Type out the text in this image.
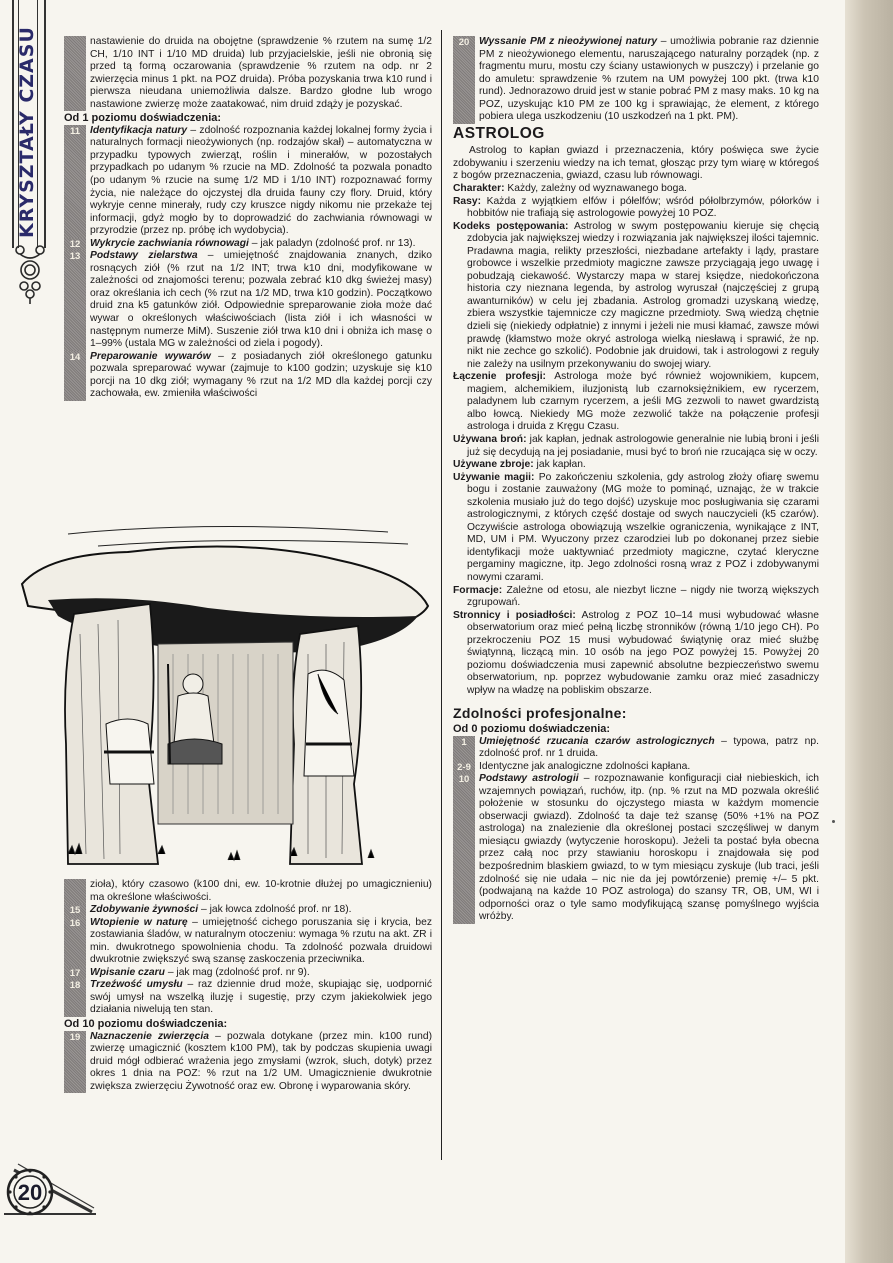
KRYSZTAŁY CZASU	nastawienie do druida na obojętne (sprawdzenie % rzutem na sumę 1/2 CH, 1/10 INT i 1/10 MD druida) lub przyjacielskie, jeśli nie obronią się przed tą formą oczarowania (sprawdzenie % rzutem na odp. nr 2 zwierzęcia minus 1 pkt. na POZ druida). Próba pozyskania trwa k10 rund i pierwsza nieudana uniemożliwia dalsze. Bardzo głodne lub wrogo nastawione zwierzę może zaatakować, nim druid zdąży je pozyskać.
Od 1 poziomu doświadczenia:
11 Identyfikacja natury – zdolność rozpoznania każdej lokalnej formy życia i naturalnych formacji nieożywionych (np. rodzajów skał) – automatyczna w przypadku typowych zwierząt, roślin i minerałów, w pozostałych przypadkach po udanym % rzucie na MD. Zdolność ta pozwala ponadto (po udanym % rzucie na sumę 1/2 MD i 1/10 INT) rozpoznawać formy życia, nie należące do ojczystej dla druida fauny czy flory. Druid, który wykryje cenne minerały, rudy czy kruszce nigdy nikomu nie przekaże tej informacji, gdyż mogło by to doprowadzić do zachwiania równowagi w przyrodzie (przez np. próbę ich wydobycia).
12 Wykrycie zachwiania równowagi – jak paladyn (zdolność prof. nr 13).
13 Podstawy zielarstwa – umiejętność znajdowania znanych, dziko rosnących ziół (% rzut na 1/2 INT; trwa k10 dni, modyfikowane w zależności od znajomości terenu; pozwala zebrać k10 dkg świeżej masy) oraz określania ich cech (% rzut na 1/2 MD, trwa k10 godzin). Początkowo druid zna k5 gatunków ziół. Odpowiednie spreparowanie zioła może dać wywar o określonych właściwościach (lista ziół i ich własności w następnym numerze MiM). Suszenie ziół trwa k10 dni i obniża ich masę o 1–99% (ustala MG w zależności od ziela i pogody).
14 Preparowanie wywarów – z posiadanych ziół określonego gatunku pozwala spreparować wywar (zajmuje to k100 godzin; uzyskuje się k10 porcji na 10 dkg ziół; wymagany % rzut na 1/2 MD dla każdej porcji czy zachowała, ew. zmieniła właściwości
zioła), który czasowo (k100 dni, ew. 10-krotnie dłużej po umagicznieniu) ma określone właściwości.
15 Zdobywanie żywności – jak łowca zdolność prof. nr 18).
16 Wtopienie w naturę – umiejętność cichego poruszania się i krycia, bez zostawiania śladów, w naturalnym otoczeniu: wymaga % rzutu na akt. ZR i min. dwukrotnego spowolnienia chodu. Ta zdolność pozwala druidowi dwukrotnie zwiększyć swą szansę zaskoczenia przeciwnika.
17 Wpisanie czaru – jak mag (zdolność prof. nr 9).
18 Trzeźwość umysłu – raz dziennie drud może, skupiając się, uodpornić swój umysł na wszelką iluzję i sugestię, przy czym jakiekolwiek jego działania niwelują ten stan.
Od 10 poziomu doświadczenia:
19 Naznaczenie zwierzęcia – pozwala dotykane (przez min. k100 rund) zwierzę umagicznić (kosztem k100 PM), tak by podczas skupienia uwagi druid mógł odbierać wrażenia jego zmysłami (wzrok, słuch, dotyk) przez okres 1 dnia na POZ: % rzut na 1/2 UM. Umagicznienie dwukrotnie zwiększa zwierzęciu Żywotność oraz ew. Obronę i wyparowania skóry.
20
20 Wyssanie PM z nieożywionej natury – umożliwia pobranie raz dziennie PM z nieożywionego elementu, naruszającego naturalny porządek (np. z fragmentu muru, mostu czy ściany ustawionych w puszczy) i przelanie go do amuletu: sprawdzenie % rzutem na UM powyżej 100 pkt. (trwa k10 rund). Jednorazowo druid jest w stanie pobrać PM z masy maks. 10 kg na POZ, uzyskując k10 PM ze 100 kg i sprawiając, że element, z którego pobiera ulega uszkodzeniu (10 uszkodzeń na 1 pkt. PM).
ASTROLOG
Astrolog to kapłan gwiazd i przeznaczenia, który poświęca swe życie zdobywaniu i szerzeniu wiedzy na ich temat, głosząc przy tym wiarę w któregoś z bogów przeznaczenia, gwiazd, czasu lub równowagi.
Charakter: Każdy, zależny od wyznawanego boga.
Rasy: Każda z wyjątkiem elfów i półelfów; wśród półolbrzymów, półorków i hobbitów nie trafiają się astrologowie powyżej 10 POZ.
Kodeks postępowania: Astrolog w swym postępowaniu kieruje się chęcią zdobycia jak największej wiedzy i rozwiązania jak największej ilości tajemnic. Pradawna magia, relikty przeszłości, niezbadane artefakty i lądy, prastare grobowce i wszelkie przedmioty magiczne zawsze przyciągają jego uwagę i pobudzają ciekawość. Wystarczy mapa w starej księdze, niedokończona historia czy nieznana legenda, by astrolog wyruszał (najczęściej z grupą awanturników) w celu jej zbadania. Astrolog gromadzi uzyskaną wiedzę, zbiera wszystkie tajemnicze czy magiczne przedmioty. Swą wiedzą chętnie dzieli się (niekiedy odpłatnie) z innymi i jeżeli nie musi kłamać, zawsze mówi prawdę (kłamstwo może okryć astrologa wielką niesławą i sprawić, że np. nikt nie zechce go szkolić). Podobnie jak druidowi, tak i astrologowi z reguły nie zależy na usilnym przekonywaniu do swojej wiary.
Łączenie profesji: Astrologa może być również wojownikiem, kupcem, magiem, alchemikiem, iluzjonistą lub czarnoksiężnikiem, ew rycerzem, paladynem lub czarnym rycerzem, a jeśli MG zezwoli to nawet gwardzistą albo łowcą. Niekiedy MG może zezwolić także na połączenie profesji astrologa i druida z Kręgu Czasu.
Używana broń: jak kapłan, jednak astrologowie generalnie nie lubią broni i jeśli już się decydują na jej posiadanie, musi być to broń nie rzucająca się w oczy.
Używane zbroje: jak kapłan.
Używanie magii: Po zakończeniu szkolenia, gdy astrolog złoży ofiarę swemu bogu i zostanie zauważony (MG może to pominąć, uznając, że w trakcie szkolenia musiało już do tego dojść) uzyskuje moc posługiwania się czarami astrologicznymi, z których część dostaje od swych nauczycieli (k5 czarów). Oczywiście astrologa obowiązują wszelkie ograniczenia, wynikające z INT, MD, UM i PM. Wyuczony przez czarodziei lub po dokonanej przez siebie identyfikacji może uaktywniać przedmioty magiczne, czytać kleryczne pergaminy magiczne, itp. Jego zdolności rosną wraz z POZ i zdobywanymi nowymi czarami.
Formacje: Zależne od etosu, ale niezbyt liczne – nigdy nie tworzą większych zgrupowań.
Stronnicy i posiadłości: Astrolog z POZ 10–14 musi wybudować własne obserwatorium oraz mieć pełną liczbę stronników (równą 1/10 jego CH). Po przekroczeniu POZ 15 musi wybudować świątynię oraz mieć służbę świątynną, liczącą min. 10 osób na jego POZ powyżej 15. Powyżej 20 poziomu doświadczenia musi zapewnić absolutne bezpieczeństwo swemu obserwatorium, np. poprzez wybudowanie zamku oraz mieć zasadniczy wpływ na władzę na pobliskim obszarze.
Zdolności profesjonalne:
Od 0 poziomu doświadczenia:
1	Umiejętność rzucania czarów astrologicznych – typowa, patrz np. zdolność prof. nr 1 druida.
2-9 Identyczne jak analogiczne zdolności kapłana.
10 Podstawy astrologii – rozpoznawanie konfiguracji ciał niebieskich, ich wzajemnych powiązań, ruchów, itp. (np. % rzut na MD pozwala określić położenie w stosunku do ojczystego miasta w każdym momencie obserwacji gwiazd). Zdolność ta daje też szansę (50% +1% na POZ astrologa) na znalezienie dla określonej postaci szczęśliwej w danym miesiącu gwiazdy (wytyczenie horoskopu). Jeżeli ta postać była obecna przez całą noc przy stawianiu horoskopu i znajdowała się pod bezpośrednim blaskiem gwiazd, to w tym miesiącu zyskuje (lub traci, jeśli zdolność się nie udała – nic nie da jej powtórzenie) premię +/– 5 pkt. (podwajaną na każde 10 POZ astrologa) do szansy TR, OB, UM, WI i odporności oraz o tyle samo modyfikującą szansę pomyślnego wyjścia wróżby.
